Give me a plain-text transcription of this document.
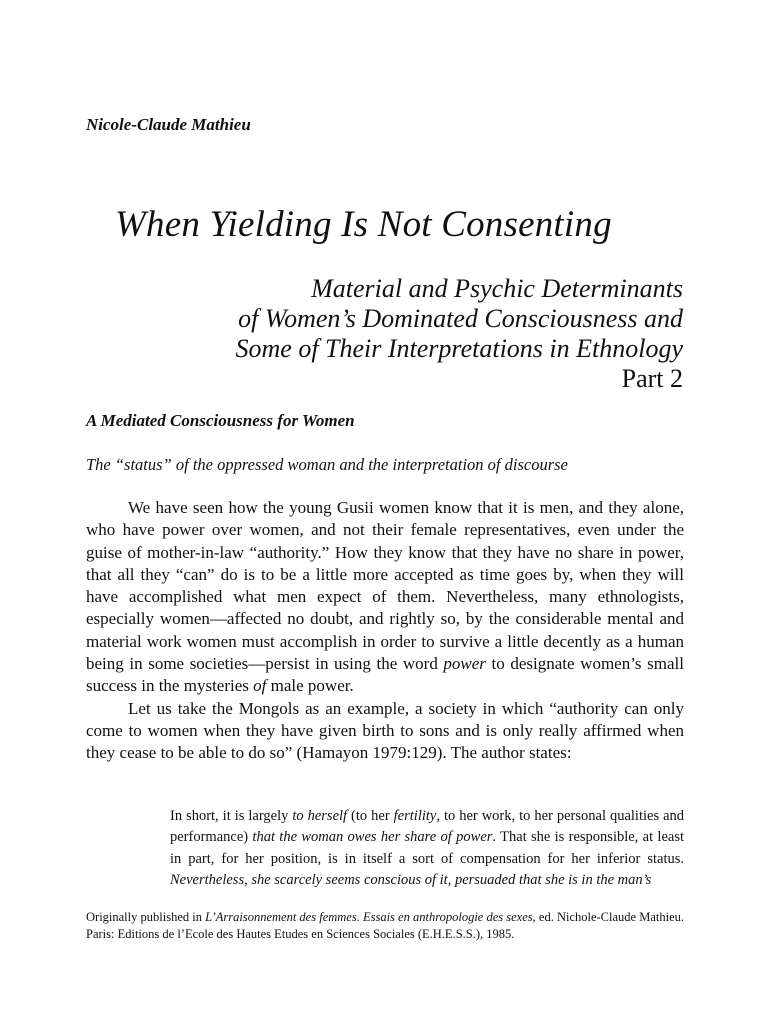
Nicole-Claude Mathieu
When Yielding Is Not Consenting
Material and Psychic Determinants
of Women’s Dominated Consciousness and
Some of Their Interpretations in Ethnology
Part 2
A Mediated Consciousness for Women
The “status” of the oppressed woman and the interpretation of discourse

We have seen how the young Gusii women know that it is men, and they alone, who have power over women, and not their female representatives, even under the guise of mother-in-law “authority.” How they know that they have no share in power, that all they “can” do is to be a little more accepted as time goes by, when they will have accomplished what men expect of them. Nevertheless, many ethnologists, especially women—affected no doubt, and rightly so, by the considerable mental and material work women must accomplish in order to survive a little decently as a human being in some societies—persist in using the word power to designate women’s small success in the mysteries of male power.

Let us take the Mongols as an example, a society in which “authority can only come to women when they have given birth to sons and is only really affirmed when they cease to be able to do so” (Hamayon 1979:129). The author states:

In short, it is largely to herself (to her fertility, to her work, to her personal qualities and performance) that the woman owes her share of power. That she is responsible, at least in part, for her position, is in itself a sort of compensation for her inferior status. Nevertheless, she scarcely seems conscious of it, persuaded that she is in the man’s

Originally published in L’Arraisonnement des femmes. Essais en anthropologie des sexes, ed. Nichole-Claude Mathieu. Paris: Editions de l’Ecole des Hautes Etudes en Sciences Sociales (E.H.E.S.S.), 1985.
